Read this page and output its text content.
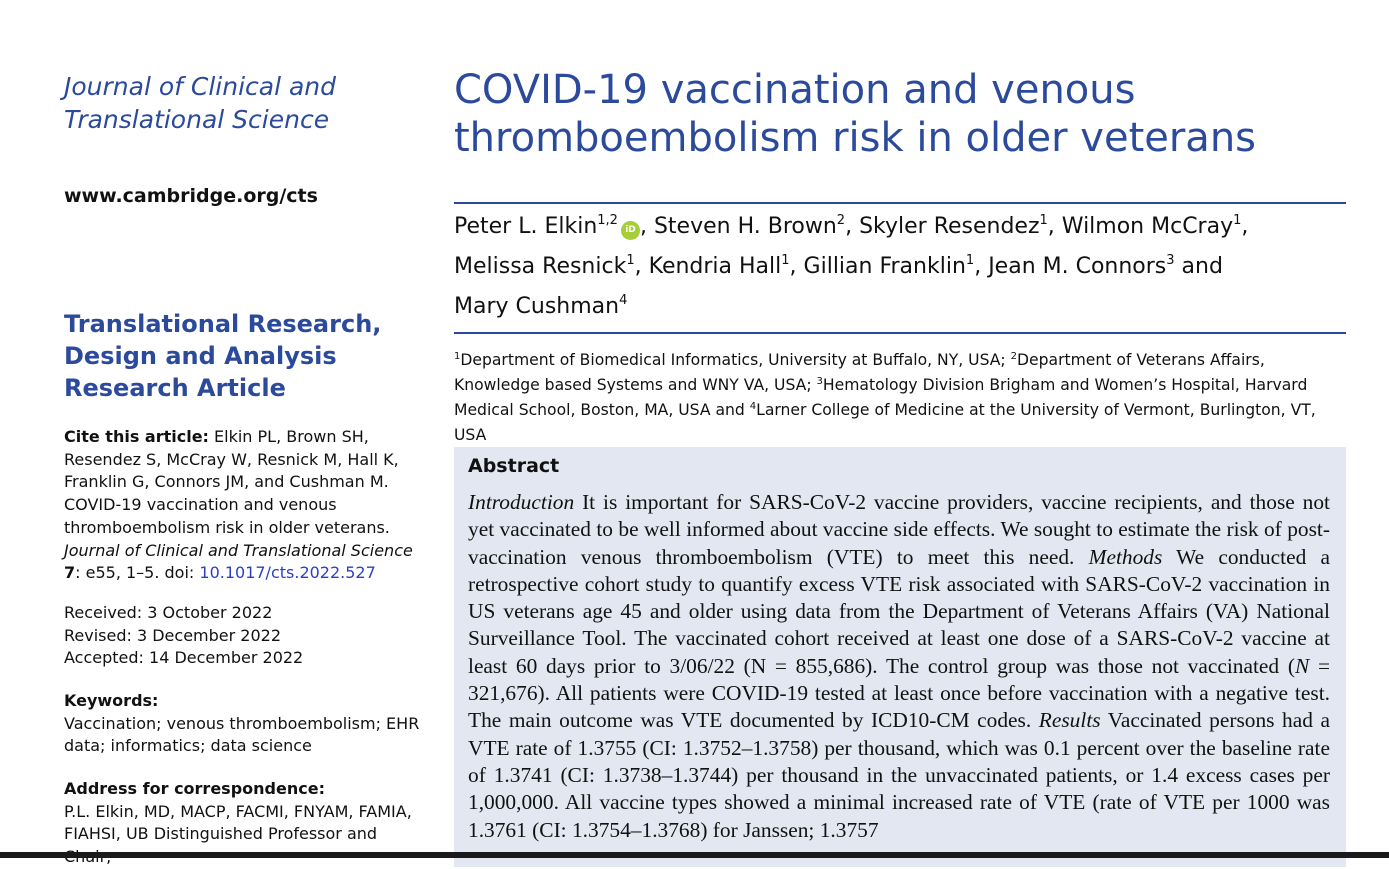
Journal of Clinical and
Translational Science
www.cambridge.org/cts
Translational Research,
Design and Analysis
Research Article
Cite this article: Elkin PL, Brown SH, Resendez S, McCray W, Resnick M, Hall K, Franklin G, Connors JM, and Cushman M. COVID-19 vaccination and venous thromboembolism risk in older veterans. Journal of Clinical and Translational Science 7: e55, 1–5. doi: 10.1017/cts.2022.527
Received: 3 October 2022
Revised: 3 December 2022
Accepted: 14 December 2022
Keywords:
Vaccination; venous thromboembolism; EHR data; informatics; data science
Address for correspondence:
P.L. Elkin, MD, MACP, FACMI, FNYAM, FAMIA, FIAHSI, UB Distinguished Professor and
COVID-19 vaccination and venous
thromboembolism risk in older veterans
Peter L. Elkin$^{1,2}$iD , Steven H. Brown$^2$, Skyler Resendez$^1$, Wilmon McCray$^1$,
Melissa Resnick$^1$, Kendria Hall$^1$, Gillian Franklin$^1$, Jean M. Connors$^3$ and
Mary Cushman$^4$
$^1$Department of Biomedical Informatics, University at Buffalo, NY, USA; $^2$Department of Veterans Affairs, Knowledge based Systems and WNY VA, USA; $^3$Hematology Division Brigham and Women’s Hospital, Harvard Medical School, Boston, MA, USA and $^4$Larner College of Medicine at the University of Vermont, Burlington, VT, USA
Abstract
Introduction It is important for SARS-CoV-2 vaccine providers, vaccine recipients, and those not yet vaccinated to be well informed about vaccine side effects. We sought to estimate the risk of post-vaccination venous thromboembolism (VTE) to meet this need. Methods We conducted a retrospective cohort study to quantify excess VTE risk associated with SARS-CoV-2 vaccination in US veterans age 45 and older using data from the Department of Veterans Affairs (VA) National Surveillance Tool. The vaccinated cohort received at least one dose of a SARS-CoV-2 vaccine at least 60 days prior to 3/06/22 (N = 855,686). The control group was those not vaccinated (N = 321,676). All patients were COVID-19 tested at least once before vaccination with a negative test. The main outcome was VTE documented by ICD10-CM codes. Results Vaccinated persons had a VTE rate of 1.3755 (CI: 1.3752–1.3758) per thousand, which was 0.1 percent over the baseline rate of 1.3741 (CI: 1.3738–1.3744) per thousand in the unvaccinated patients, or 1.4 excess cases per 1,000,000. All vaccine types showed a minimal increased rate of VTE (rate of VTE per 1000 was 1.3761 (CI: 1.3754–1.3768) for Janssen; 1.3757
